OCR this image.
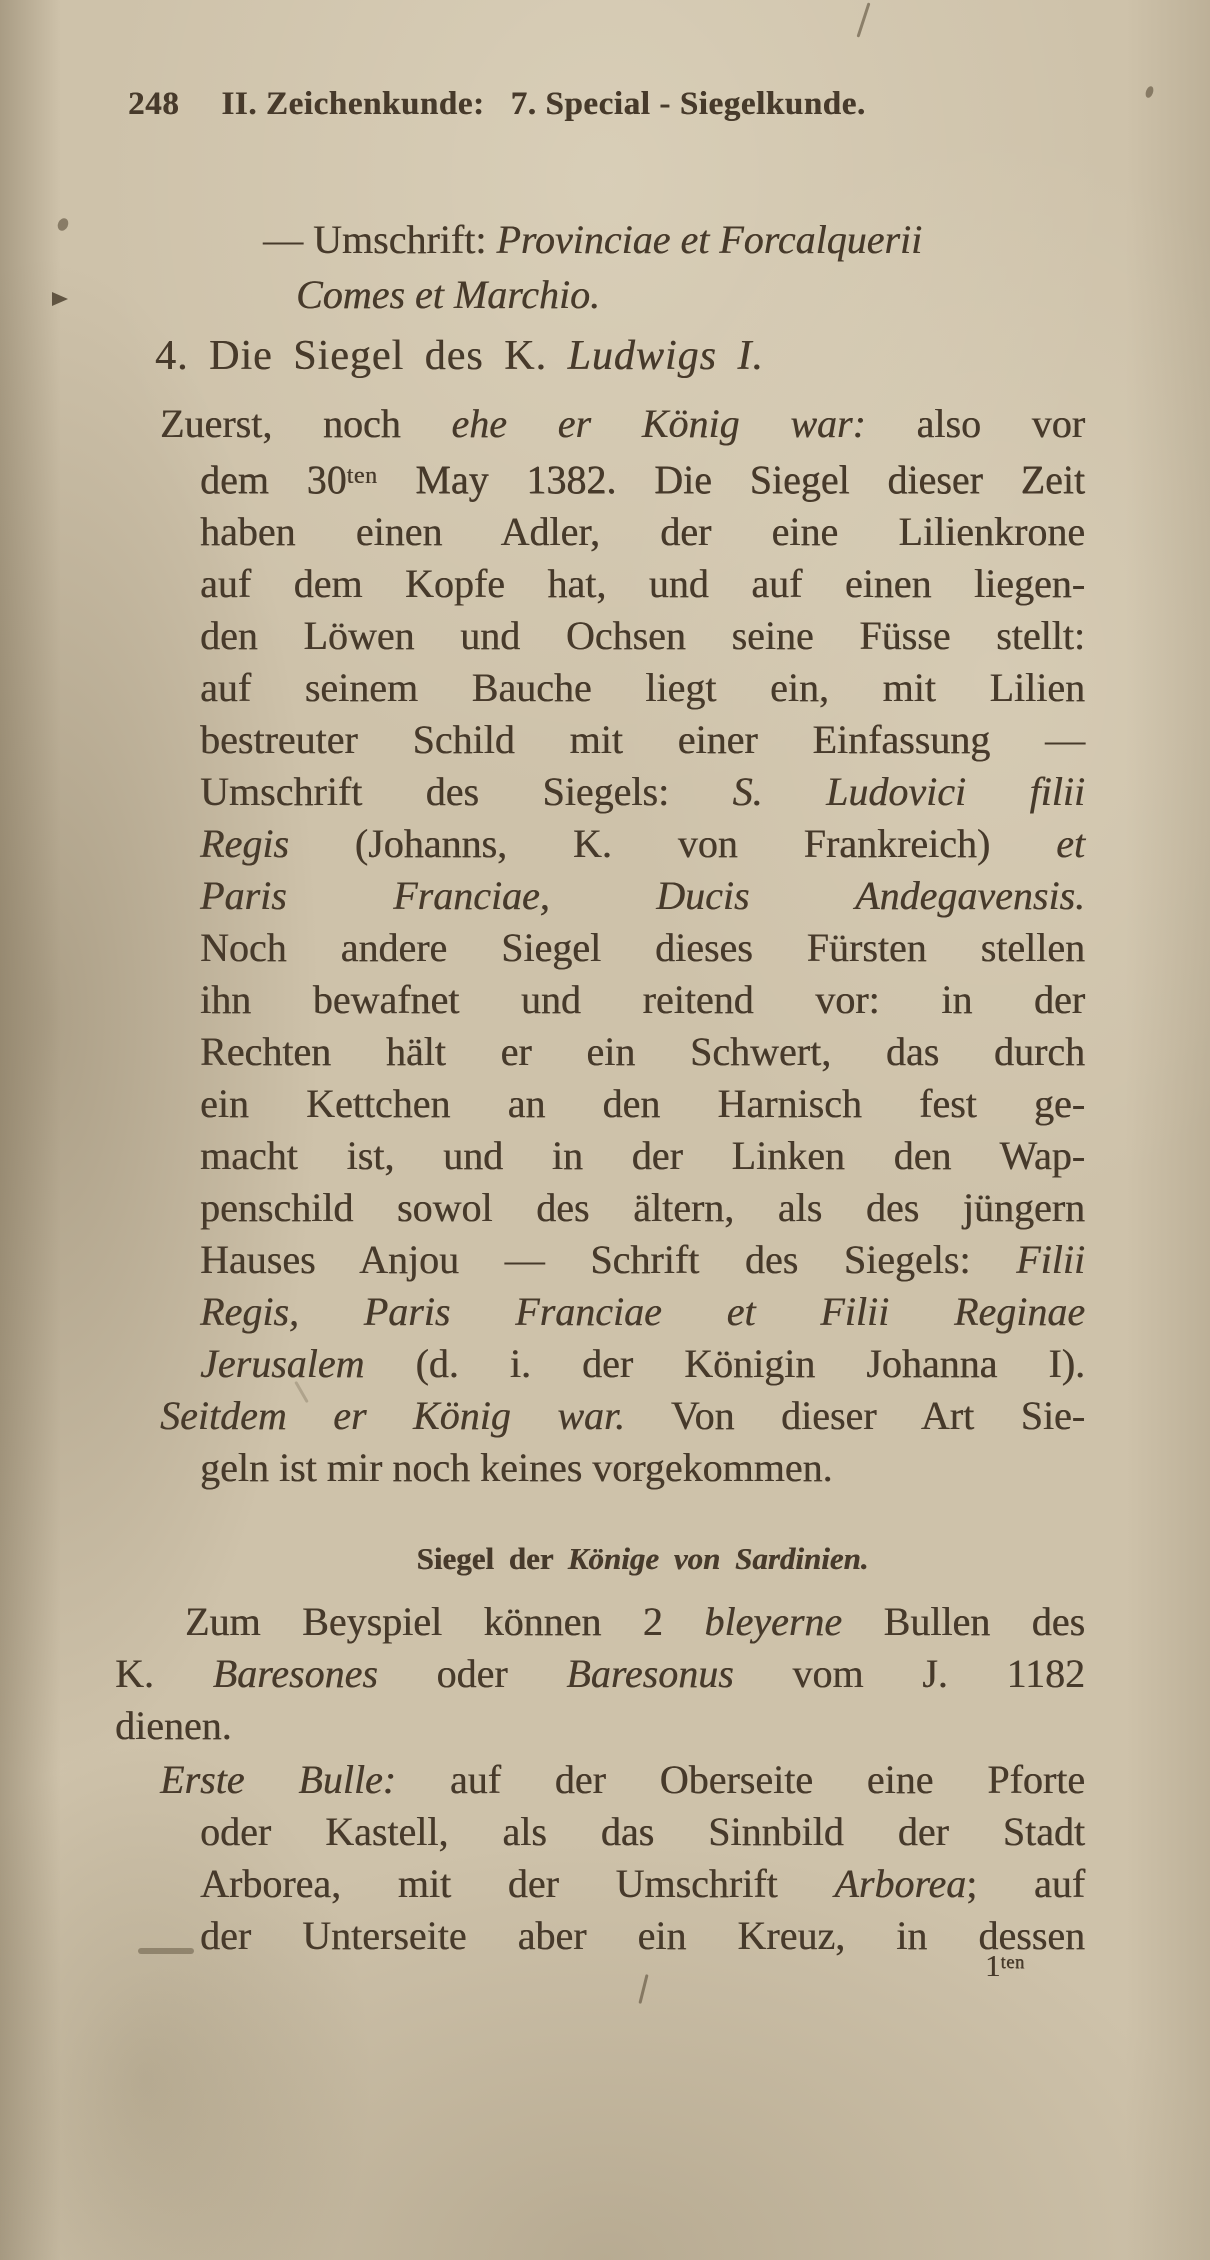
248 II. Zeichenkunde: 7. Special - Siegelkunde.
— Umschrift: Provinciae et Forcalquerii
Comes et Marchio.
4. Die Siegel des K. Ludwigs I.
Zuerst, noch ehe er König war: also vor
dem $30^{ten}$ May 1382. Die Siegel dieser Zeit
haben einen Adler, der eine Lilienkrone
auf dem Kopfe hat, und auf einen liegen-
den Löwen und Ochsen seine Füsse stellt:
auf seinem Bauche liegt ein, mit Lilien
bestreuter Schild mit einer Einfassung —
Umschrift des Siegels: S. Ludovici filii
Regis (Johanns, K. von Frankreich) et
Paris Franciae, Ducis Andegavensis.
Noch andere Siegel dieses Fürsten stellen
ihn bewafnet und reitend vor: in der
Rechten hält er ein Schwert, das durch
ein Kettchen an den Harnisch fest ge-
macht ist, und in der Linken den Wap-
penschild sowol des ältern, als des jüngern
Hauses Anjou — Schrift des Siegels: Filii
Regis, Paris Franciae et Filii Reginae
Jerusalem (d. i. der Königin Johanna I).
Seitdem er König war. Von dieser Art Sie-
geln ist mir noch keines vorgekommen.
Siegel der Könige von Sardinien.
Zum Beyspiel können 2 bleyerne Bullen des
K. Baresones oder Baresonus vom J. 1182
dienen.
Erste Bulle: auf der Oberseite eine Pforte
oder Kastell, als das Sinnbild der Stadt
Arborea, mit der Umschrift Arborea; auf
der Unterseite aber ein Kreuz, in dessen
$1^{ten}$
